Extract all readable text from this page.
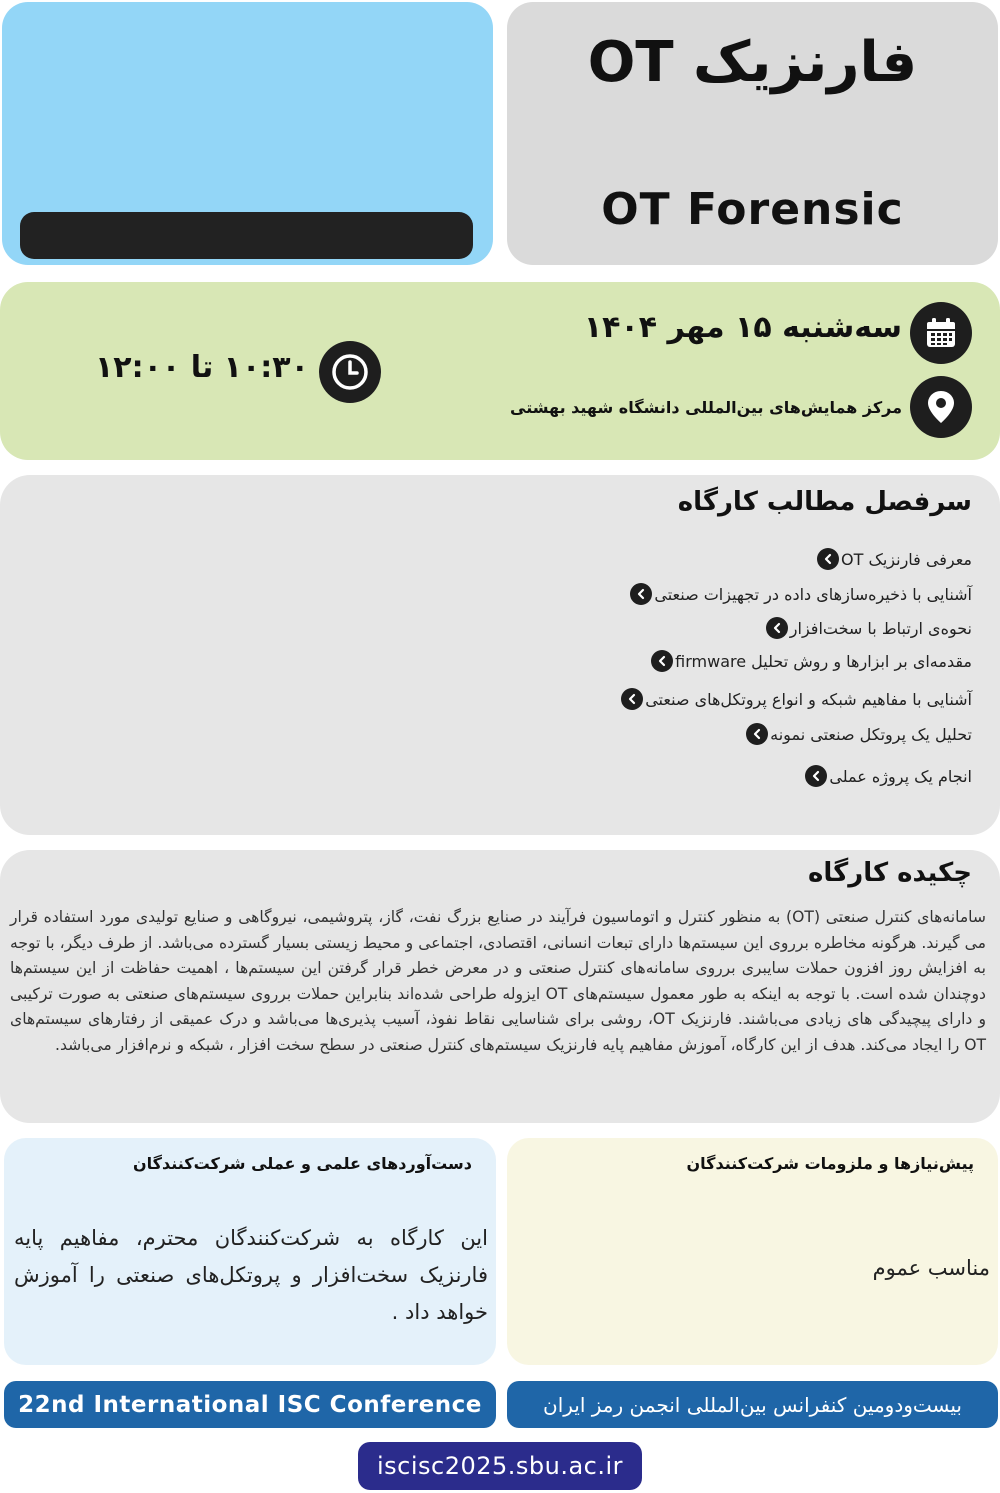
فارنزیک OT
OT Forensic
سه‌شنبه ۱۵ مهر ۱۴۰۴
مرکز همایش‌های بین‌المللی دانشگاه شهید بهشتی
۱۰:۳۰ تا ۱۲:۰۰
سرفصل مطالب کارگاه
معرفی فارنزیک OT
آشنایی با ذخیره‌سازهای داده در تجهیزات صنعتی
نحوه‌ی ارتباط با سخت‌افزار
مقدمه‌ای بر ابزارها و روش تحلیل firmware
آشنایی با مفاهیم شبکه و انواع پروتکل‌های صنعتی
تحلیل یک پروتکل صنعتی نمونه
انجام یک پروژه عملی
چکیده کارگاه
سامانه‌های کنترل صنعتی (OT) به منظور کنترل و اتوماسیون فرآیند در صنایع بزرگ نفت، گاز، پتروشیمی، نیروگاهی و صنایع تولیدی مورد استفاده قرار می گیرند. هرگونه مخاطره برروی این سیستم‌ها دارای تبعات انسانی، اقتصادی، اجتماعی و محیط زیستی بسیار گسترده می‌باشد. از طرف دیگر، با توجه به افزایش روز افزون حملات سایبری برروی سامانه‌های کنترل صنعتی و در معرض خطر قرار گرفتن این سیستم‌ها ، اهمیت حفاظت از این سیستم‌ها دوچندان شده است. با توجه به اینکه به طور معمول سیستم‌های OT ایزوله طراحی شده‌اند بنابراین حملات برروی سیستم‌های صنعتی به صورت ترکیبی و دارای پیچیدگی های زیادی می‌باشند. فارنزیک OT، روشی برای شناسایی نقاط نفوذ، آسیب پذیری‌ها می‌باشد و درک عمیقی از رفتارهای سیستم‌های OT را ایجاد می‌کند. هدف از این کارگاه، آموزش مفاهیم پایه فارنزیک سیستم‌های کنترل صنعتی در سطح سخت افزار ، شبکه و نرم‌افزار می‌باشد.
دست‌آوردهای علمی و عملی شرکت‌کنندگان
این کارگاه به شرکت‌کنندگان محترم، مفاهیم پایه فارنزیک سخت‌افزار و پروتکل‌های صنعتی را آموزش خواهد داد .
پیش‌نیازها و ملزومات شرکت‌کنندگان
مناسب عموم
22nd International ISC Conference	بیست‌ودومین کنفرانس بین‌المللی انجمن رمز ایران
iscisc2025.sbu.ac.ir
